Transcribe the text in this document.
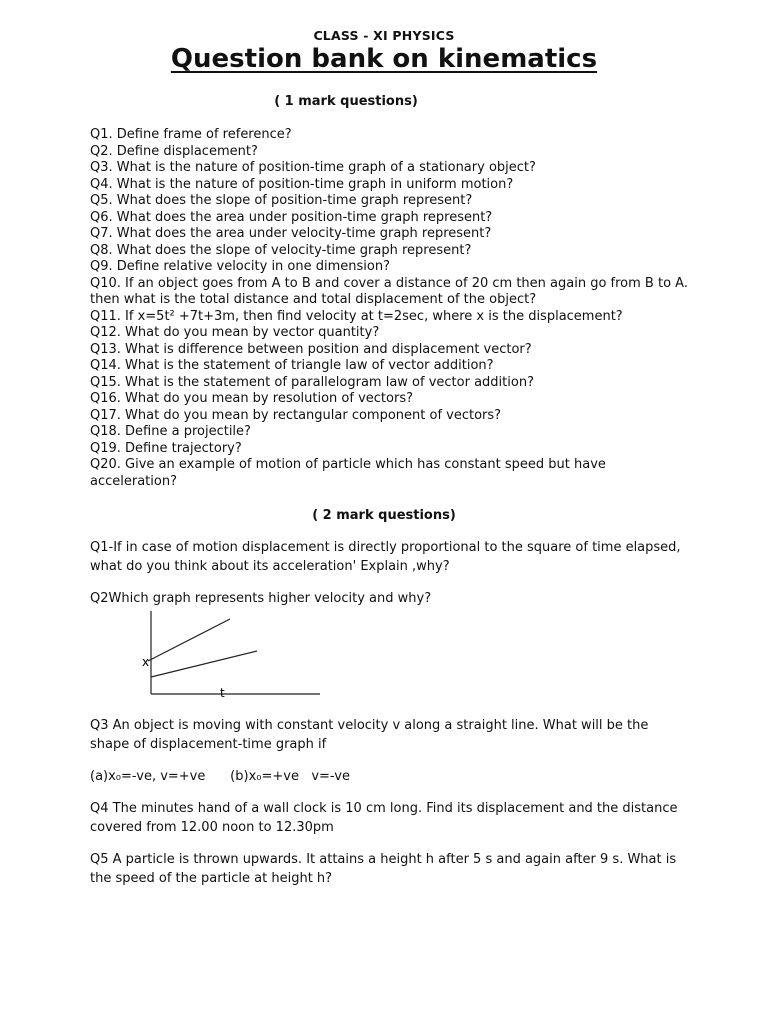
CLASS - XI PHYSICS
Question bank on kinematics
( 1 mark questions)
Q1. Define frame of reference?
Q2. Define displacement?
Q3. What is the nature of position-time graph of a stationary object?
Q4. What is the nature of position-time graph in uniform motion?
Q5. What does the slope of position-time graph represent?
Q6. What does the area under position-time graph represent?
Q7. What does the area under velocity-time graph represent?
Q8. What does the slope of velocity-time graph represent?
Q9. Define relative velocity in one dimension?
Q10. If an object goes from A to B and cover a distance of 20 cm then again go from B to A. then what is the total distance and total displacement of the object?
Q11. If x=5t² +7t+3m, then find velocity at t=2sec, where x is the displacement?
Q12. What do you mean by vector quantity?
Q13. What is difference between position and displacement vector?
Q14. What is the statement of triangle law of vector addition?
Q15. What is the statement of parallelogram law of vector addition?
Q16. What do you mean by resolution of vectors?
Q17. What do you mean by rectangular component of vectors?
Q18. Define a projectile?
Q19. Define trajectory?
Q20. Give an example of motion of particle which has constant speed but have acceleration?
( 2 mark questions)
Q1-If in case of motion displacement is directly proportional to the square of time elapsed, what do you think about its acceleration' Explain ,why?
Q2Which graph represents higher velocity and why?
x
t
Q3 An object is moving with constant velocity v along a straight line. What will be the shape of displacement-time graph if
(a)x₀=-ve, v=+ve      (b)x₀=+ve   v=-ve
Q4 The minutes hand of a wall clock is 10 cm long. Find its displacement and the distance covered from 12.00 noon to 12.30pm
Q5 A particle is thrown upwards. It attains a height h after 5 s and again after 9 s. What is the speed of the particle at height h?
